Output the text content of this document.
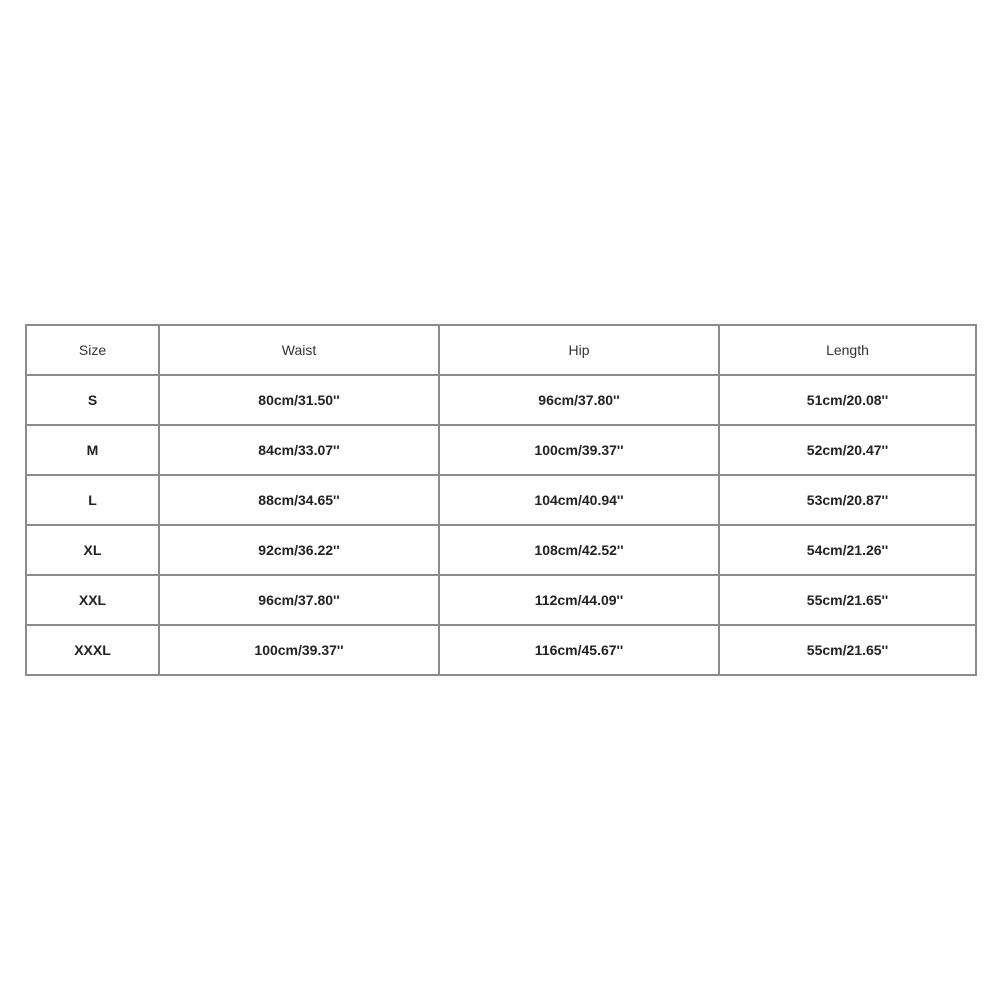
Size	Waist	Hip	Length
S	80cm/31.50''	96cm/37.80''	51cm/20.08''
M	84cm/33.07''	100cm/39.37''	52cm/20.47''
L	88cm/34.65''	104cm/40.94''	53cm/20.87''
XL	92cm/36.22''	108cm/42.52''	54cm/21.26''
XXL	96cm/37.80''	112cm/44.09''	55cm/21.65''
XXXL	100cm/39.37''	116cm/45.67''	55cm/21.65''
